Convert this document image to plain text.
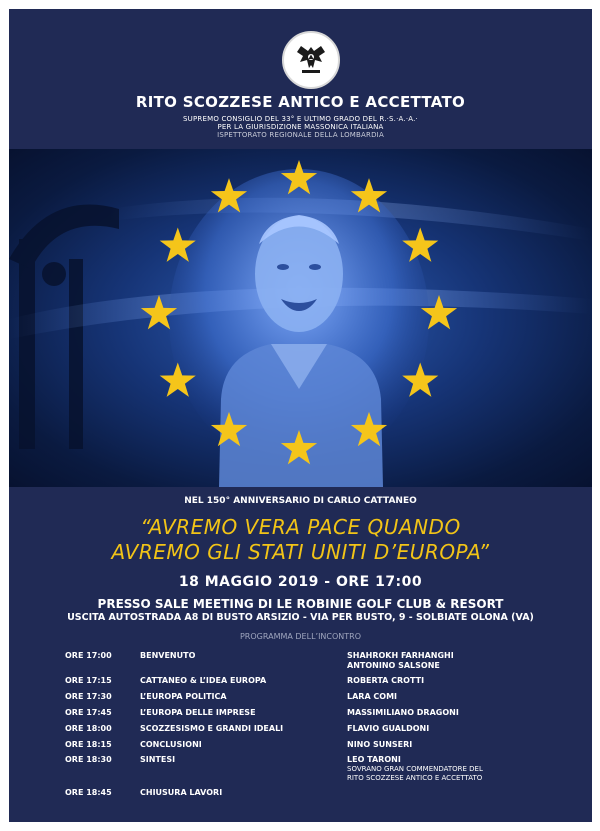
RITO SCOZZESE ANTICO E ACCETTATO
SUPREMO CONSIGLIO DEL 33° E ULTIMO GRADO DEL R.·S.·A.·A.·
PER LA GIURISDIZIONE MASSONICA ITALIANA
ISPETTORATO REGIONALE DELLA LOMBARDIA
NEL 150° ANNIVERSARIO DI CARLO CATTANEO
“AVREMO VERA PACE QUANDO
AVREMO GLI STATI UNITI D’EUROPA”
18 MAGGIO 2019 - ORE 17:00
PRESSO SALE MEETING DI LE ROBINIE GOLF CLUB & RESORT
USCITA AUTOSTRADA A8 DI BUSTO ARSIZIO - VIA PER BUSTO, 9 - SOLBIATE OLONA (VA)
PROGRAMMA DELL’INCONTRO
ORE 17:00	BENVENUTO	SHAHROKH FARHANGHI
ANTONINO SALSONE
ORE 17:15	CATTANEO & L’IDEA EUROPA	ROBERTA CROTTI
ORE 17:30	L’EUROPA POLITICA	LARA COMI
ORE 17:45	L’EUROPA DELLE IMPRESE	MASSIMILIANO DRAGONI
ORE 18:00	SCOZZESISMO E GRANDI IDEALI	FLAVIO GUALDONI
ORE 18:15	CONCLUSIONI	NINO SUNSERI
ORE 18:30	SINTESI	LEO TARONI
SOVRANO GRAN COMMENDATORE DEL
RITO SCOZZESE ANTICO E ACCETTATO
ORE 18:45	CHIUSURA LAVORI
